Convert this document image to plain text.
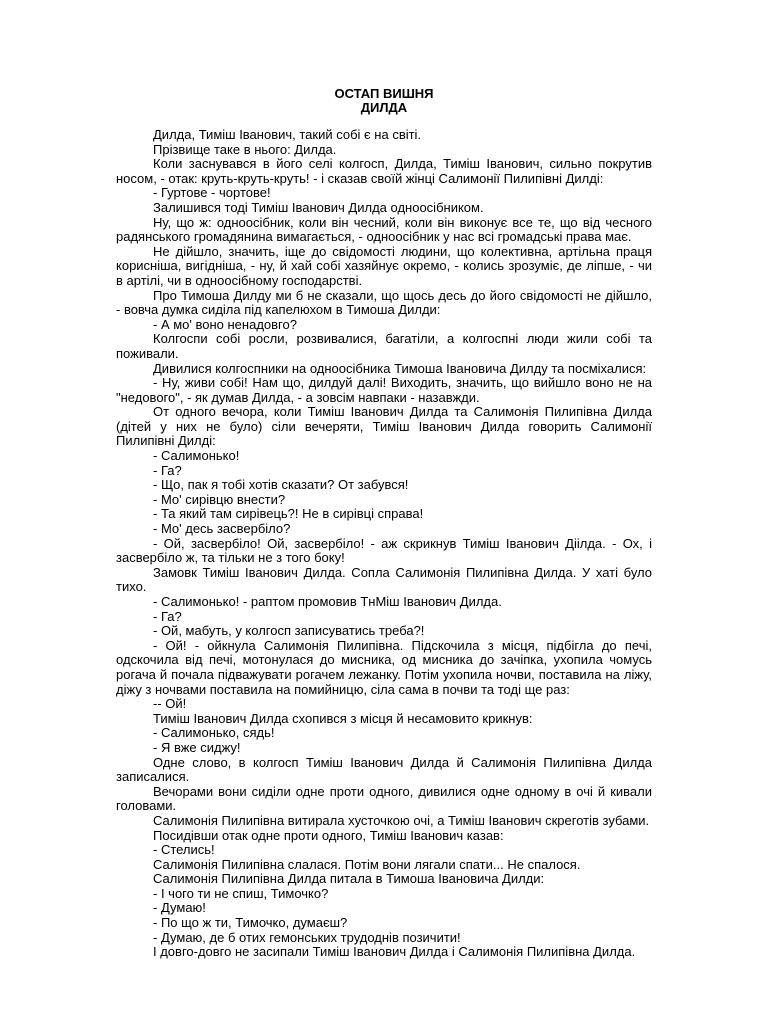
ОСТАП ВИШНЯ
ДИЛДА

Дилда, Тиміш Іванович, такий собі є на світі.

Прізвище таке в нього: Дилда.

Коли заснувався в його селі колгосп, Дилда, Тиміш Іванович, сильно покрутив носом, - отак: круть-круть-круть! - і сказав своїй жінці Салимонії Пилипівні Дилді:

- Гуртове - чортове!

Залишився тоді Тиміш Іванович Дилда одноосібником.

Ну, що ж: одноосібник, коли він чесний, коли він виконує все те, що від чесного радянського громадянина вимагається, - одноосібник у нас всі громадські права має.

Не дійшло, значить, іще до свідомості людини, що колективна, артільна праця корисніша, вигідніша, - ну, й хай собі хазяйнує окремо, - колись зрозуміє, де ліпше, - чи в артілі, чи в одноосібному господарстві.

Про Тимоша Дилду ми б не сказали, що щось десь до його свідомості не дійшло, - вовча думка сиділа під капелюхом в Тимоша Дилди:

- А мо' воно ненадовго?

Колгоспи собі росли, розвивалися, багатіли, а колгоспні люди жили собі та поживали.

Дивилися колгоспники на одноосібника Тимоша Івановича Дилду та посміхалися:

- Ну, живи собі! Нам що, дилдуй далі! Виходить, значить, що вийшло воно не на "недового", - як думав Дилда, - а зовсім навпаки - назавжди.

От одного вечора, коли Тиміш Іванович Дилда та Салимонія Пилипівна Дилда (дітей у них не було) сіли вечеряти, Тиміш Іванович Дилда говорить Салимонії Пилипівні Дилді:

- Салимонько!

- Га?

- Що, пак я тобі хотів сказати? От забувся!

- Мо' сирівцю внести?

- Та який там сирівець?! Не в сирівці справа!

- Мо' десь засвербіло?

- Ой, засвербіло! Ой, засвербіло! - аж скрикнув Тиміш Іванович Діілда. - Ох, і засвербіло ж, та тільки не з того боку!

Замовк Тиміш Іванович Дилда. Сопла Салимонія Пилипівна Дилда. У хаті було тихо.

- Салимонько! - раптом промовив ТнМіш Іванович Дилда.

- Га?

- Ой, мабуть, у колгосп записуватись треба?!

- Ой! - ойкнула Салимонія Пилипівна. Підскочила з місця, підбігла до печі, одскочила від печі, мотонулася до мисника, од мисника до зачіпка, ухопила чомусь рогача й почала підважувати рогачем лежанку. Потім ухопила ночви, поставила на ліжу, діжу з ночвами поставила на помийницю, сіла сама в почви та тоді ще раз:

-- Ой!

Тиміш Іванович Дилда схопився з місця й несамовито крикнув:

- Салимонько, сядь!

- Я вже сиджу!

Одне слово, в колгосп Тиміш Іванович Дилда й Салимонія Пилипівна Дилда записалися.

Вечорами вони сиділи одне проти одного, дивилися одне одному в очі й кивали головами.

Салимонія Пилипівна витирала хусточкою очі, а Тиміш Іванович скреготів зубами.

Посидівши отак одне проти одного, Тиміш Іванович казав:

- Стелись!

Салимонія Пилипівна слалася. Потім вони лягали спати... Не спалося.

Салимонія Пилипівна Дилда питала в Тимоша Івановича Дилди:

- І чого ти не спиш, Тимочко?

- Думаю!

- По що ж ти, Тимочко, думаєш?

- Думаю, де б отих гемонських трудоднів позичити!

І довго-довго не засипали Тиміш Іванович Дилда і Салимонія Пилипівна Дилда.
